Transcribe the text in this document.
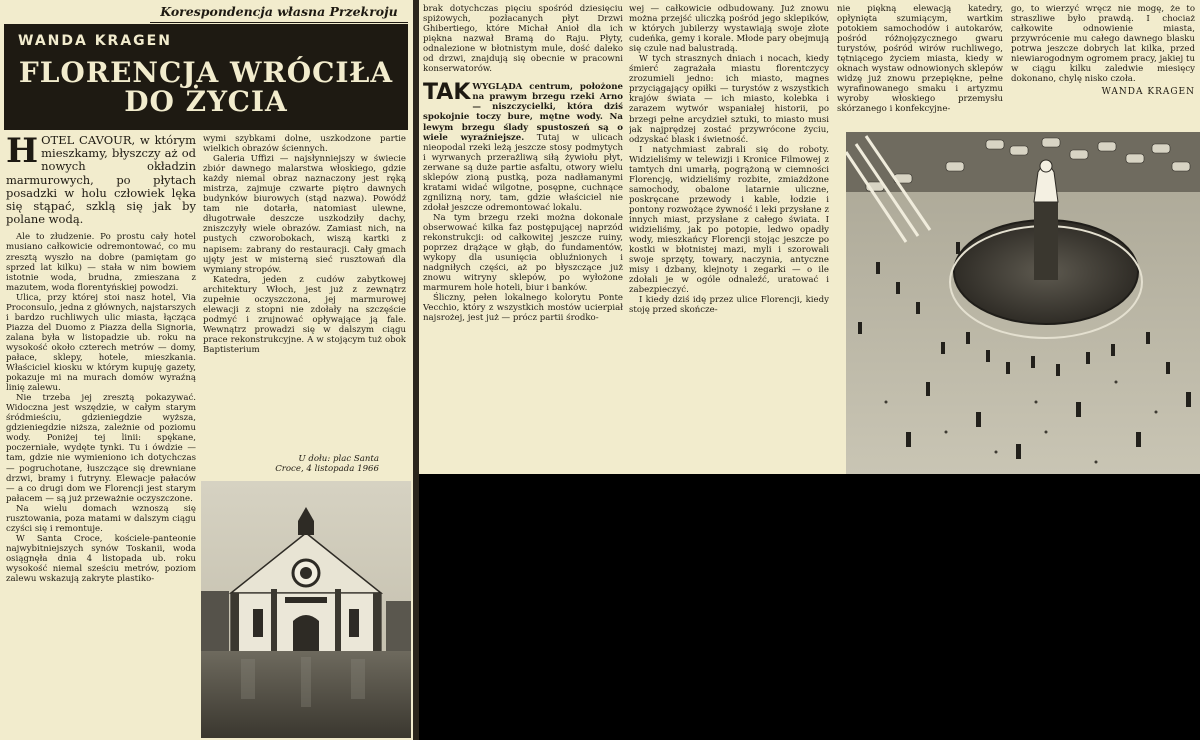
Korespondencja własna Przekroju
WANDA KRAGEN
FLORENCJA WRÓCIŁA
DO ŻYCIA
HOTEL CAVOUR, w którym mieszkamy, błyszczy aż od nowych okładzin marmurowych, po płytach posadzki w holu człowiek lęka się stąpać, szklą się jak by polane wodą.

Ale to złudzenie. Po prostu cały hotel musiano całkowicie odremontować, co mu zresztą wyszło na dobre (pamiętam go sprzed lat kilku) — stała w nim bowiem istotnie woda, brudna, zmieszana z mazutem, woda florentyńskiej powodzi.

Ulica, przy której stoi nasz hotel, Via Proconsulo, jedna z głównych, najstarszych i bardzo ruchliwych ulic miasta, łącząca Piazza del Duomo z Piazza della Signoria, zalana była w listopadzie ub. roku na wysokość około czterech metrów — domy, pałace, sklepy, hotele, mieszkania. Właściciel kiosku w którym kupuję gazety, pokazuje mi na murach domów wyraźną linię zalewu.

Nie trzeba jej zresztą pokazywać. Widoczna jest wszędzie, w całym starym śródmieściu, gdzieniegdzie wyższa, gdzieniegdzie niższa, zależnie od poziomu wody. Poniżej tej linii: spękane, poczerniałe, wydęte tynki. Tu i ówdzie — tam, gdzie nie wymieniono ich dotychczas — pogruchotane, łuszczące się drewniane drzwi, bramy i futryny. Elewacje pałaców — a co drugi dom we Florencji jest starym pałacem — są już przeważnie oczyszczone.

Na wielu domach wznoszą się rusztowania, poza matami w dalszym ciągu czyści się i remontuje.

W Santa Croce, kościele-panteonie najwybitniejszych synów Toskanii, woda osiągnęła dnia 4 listopada ub. roku wysokość niemal sześciu metrów, poziom zalewu wskazują zakryte plastiko-

wymi szybkami dolne, uszkodzone partie wielkich obrazów ściennych.

Galeria Uffizi — najsłynniejszy w świecie zbiór dawnego malarstwa włoskiego, gdzie każdy niemal obraz naznaczony jest ręką mistrza, zajmuje czwarte piętro dawnych budynków biurowych (stąd nazwa). Powódź tam nie dotarła, natomiast ulewne, długotrwałe deszcze uszkodziły dachy, zniszczyły wiele obrazów. Zamiast nich, na pustych czworobokach, wiszą kartki z napisem: zabrany do restauracji. Cały gmach ujęty jest w misterną sieć rusztowań dla wymiany stropów.

Katedra, jeden z cudów zabytkowej architektury Włoch, jest już z zewnątrz zupełnie oczyszczona, jej marmurowej elewacji z stopni nie zdołały na szczęście podmyć i zrujnować opływające ją fale. Wewnątrz prowadzi się w dalszym ciągu prace rekonstrukcyjne. A w stojącym tuż obok Baptisterium

U dołu: plac Santa
Croce, 4 listopada 1966

brak dotychczas pięciu spośród dziesięciu spiżowych, pozłacanych płyt Drzwi Ghibertiego, które Michał Anioł dla ich piękna nazwał Bramą do Raju. Płyty, odnalezione w błotnistym mule, dość daleko od drzwi, znajdują się obecnie w pracowni konserwatorów.

TAK WYGLĄDA centrum, położone na prawym brzegu rzeki Arno — niszczycielki, która dziś spokojnie toczy bure, mętne wody. Na lewym brzegu ślady spustoszeń są o wiele wyraźniejsze. Tutaj w ulicach nieopodal rzeki leżą jeszcze stosy podmytych i wyrwanych przerażliwą siłą żywiołu płyt, zerwane są duże partie asfaltu, otwory wielu sklepów zioną pustką, poza nadłamanymi kratami widać wilgotne, posępne, cuchnące zgnilizną nory, tam, gdzie właściciel nie zdołał jeszcze odremontować lokalu.

Na tym brzegu rzeki można dokonale obserwować kilka faz postępującej naprzód rekonstrukcji: od całkowitej jeszcze ruiny, poprzez drążące w głąb, do fundamentów, wykopy dla usunięcia obluźnionych i nadgniłych części, aż po błyszczące już znowu witryny sklepów, po wyłożone marmurem hole hoteli, biur i banków.

Śliczny, pełen lokalnego kolorytu Ponte Vecchio, który z wszystkich mostów ucierpiał najsrożej, jest już — prócz partii środko-

wej — całkowicie odbudowany. Już znowu można przejść uliczką pośród jego sklepików, w których jubilerzy wystawiają swoje złote cudeńka, gemy i korale. Młode pary obejmują się czule nad balustradą.

W tych strasznych dniach i nocach, kiedy śmierć zagrażała miastu florentczycy zrozumieli jedno: ich miasto, magnes przyciągający opiłki — turystów z wszystkich krajów świata — ich miasto, kolebka i zarazem wytwór wspaniałej historii, po brzegi pełne arcydzieł sztuki, to miasto musi jak najprędzej zostać przywrócone życiu, odzyskać blask i świetność.

I natychmiast zabrali się do roboty. Widzieliśmy w telewizji i Kronice Filmowej z tamtych dni umarłą, pogrążoną w ciemności Florencję, widzieliśmy rozbite, zmiażdżone samochody, obalone latarnie uliczne, poskręcane przewody i kable, łodzie i pontony rozwożące żywność i leki przysłane z innych miast, przysłane z całego świata. I widzieliśmy, jak po potopie, ledwo opadły wody, mieszkańcy Florencji stojąc jeszcze po kostki w błotnistej mazi, myli i szorowali swoje sprzęty, towary, naczynia, antyczne misy i dzbany, klejnoty i zegarki — o ile zdołali je w ogóle odnaleźć, uratować i zabezpieczyć.

I kiedy dziś idę przez ulice Florencji, kiedy stoję przed skończe-

nie piękną elewacją katedry, opłynięta szumiącym, wartkim potokiem samochodów i autokarów, pośród różnojęzycznego gwaru turystów, pośród wirów ruchliwego, tętniącego życiem miasta, kiedy w oknach wystaw odnowionych sklepów widzę już znowu przepiękne, pełne wyrafinowanego smaku i artyzmu wyroby włoskiego przemysłu skórzanego i konfekcyjne-

go, to wierzyć wręcz nie mogę, że to straszliwe było prawdą. I chociaż całkowite odnowienie miasta, przywrócenie mu całego dawnego blasku potrwa jeszcze dobrych lat kilka, przed niewiarogodnym ogromem pracy, jakiej tu w ciągu kilku zaledwie miesięcy dokonano, chylę nisko czoła.

WANDA KRAGEN
